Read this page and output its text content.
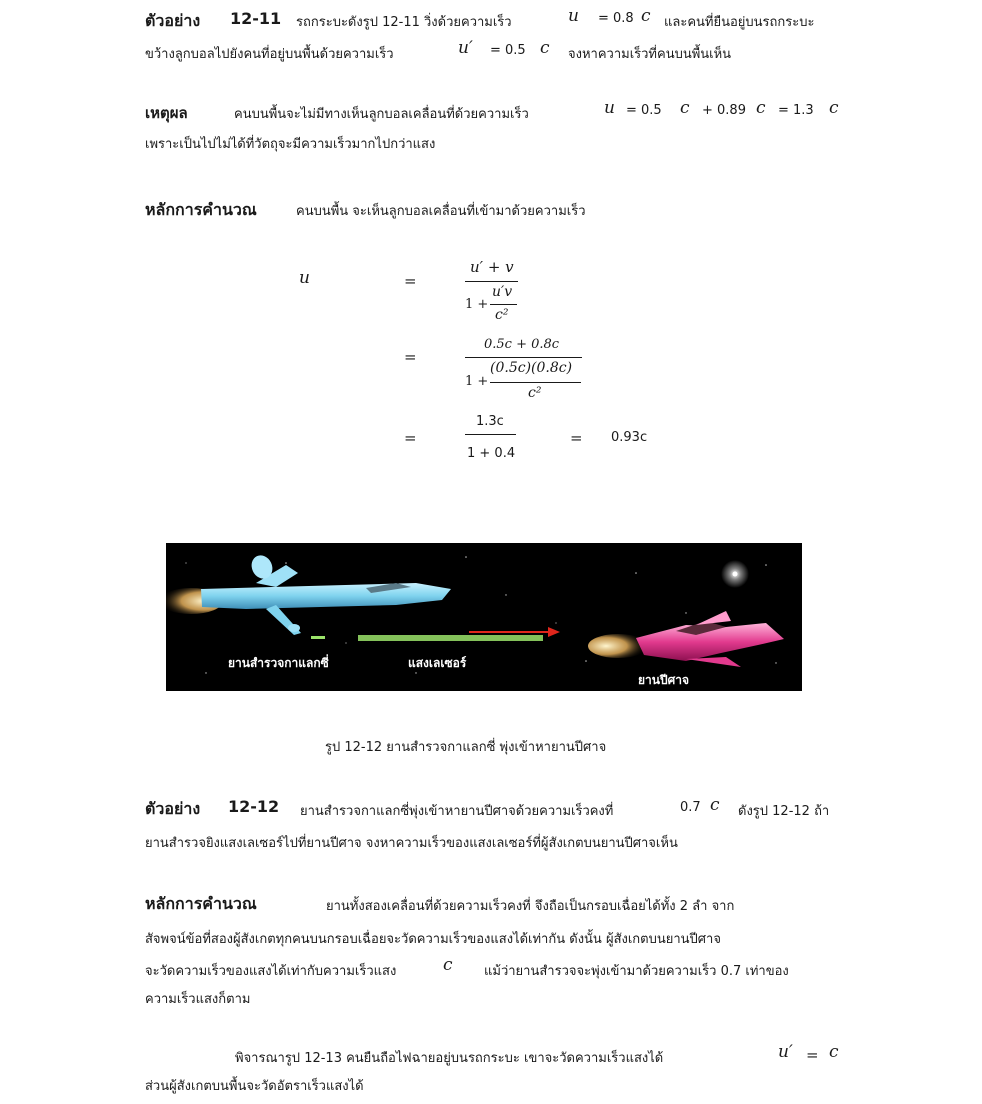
ตัวอย่าง 12-11 รถกระบะดังรูป 12-11 วิ่งด้วยความเร็ว	u = 0.8 c และคนที่ยืนอยู่บนรถกระบะ
ขว้างลูกบอลไปยังคนที่อยู่บนพื้นด้วยความเร็ว	u′ = 0.5 c จงหาความเร็วที่คนบนพื้นเห็น
เหตุผล	คนบนพื้นจะไม่มีทางเห็นลูกบอลเคลื่อนที่ด้วยความเร็ว	u = 0.5 c + 0.89 c = 1.3 c
เพราะเป็นไปไม่ได้ที่วัตถุจะมีความเร็วมากไปกว่าแสง
หลักการคำนวณ	คนบนพื้น จะเห็นลูกบอลเคลื่อนที่เข้ามาด้วยความเร็ว
u	=
u′ + v
1 +
u′v
c²
=
0.5c + 0.8c
1 +
(0.5c)(0.8c)
c²
=
1.3c
1 + 0.4
= 0.93c
ยานสำรวจกาแลกซี่	แสงเลเซอร์
ยานปีศาจ
รูป 12-12 ยานสำรวจกาแลกซี่ พุ่งเข้าหายานปีศาจ
ตัวอย่าง 12-12 ยานสำรวจกาแลกซี่พุ่งเข้าหายานปีศาจด้วยความเร็วคงที่	0.7 c ดังรูป 12-12 ถ้า
ยานสำรวจยิงแสงเลเซอร์ไปที่ยานปีศาจ จงหาความเร็วของแสงเลเซอร์ที่ผู้สังเกตบนยานปีศาจเห็น
หลักการคำนวณ	ยานทั้งสองเคลื่อนที่ด้วยความเร็วคงที่ จึงถือเป็นกรอบเฉื่อยได้ทั้ง 2 ลำ จาก
สัจพจน์ข้อที่สองผู้สังเกตทุกคนบนกรอบเฉื่อยจะวัดความเร็วของแสงได้เท่ากัน ดังนั้น ผู้สังเกตบนยานปีศาจ
จะวัดความเร็วของแสงได้เท่ากับความเร็วแสง	c แม้ว่ายานสำรวจจะพุ่งเข้ามาด้วยความเร็ว 0.7 เท่าของ
ความเร็วแสงก็ตาม
พิจารณารูป 12-13 คนยืนถือไฟฉายอยู่บนรถกระบะ เขาจะวัดความเร็วแสงได้	u′ = c
ส่วนผู้สังเกตบนพื้นจะวัดอัตราเร็วแสงได้
